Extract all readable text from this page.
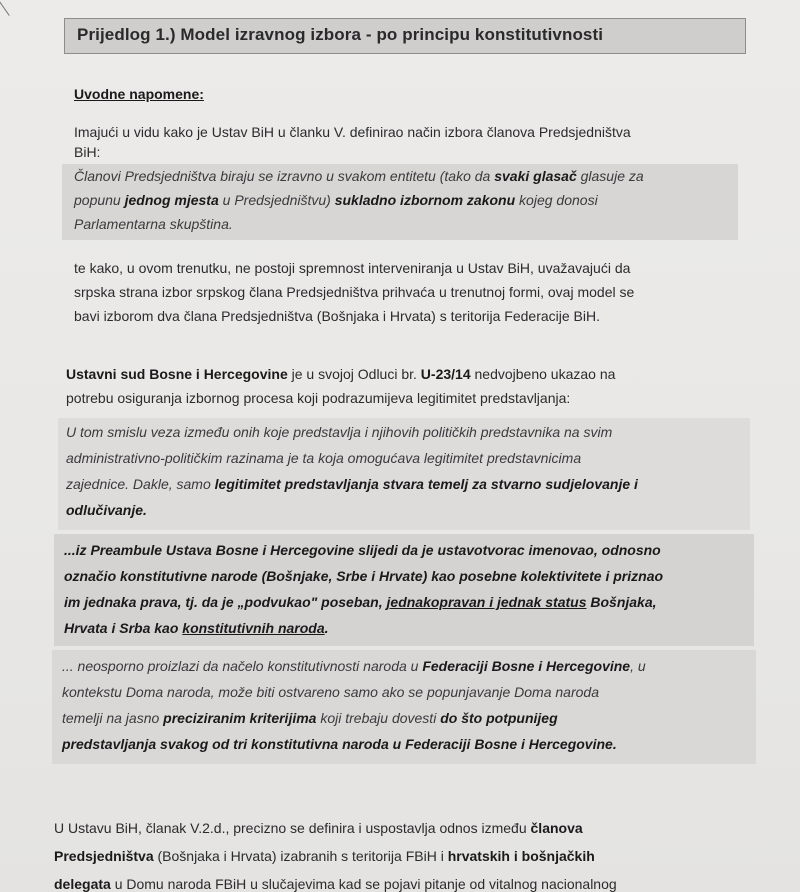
Prijedlog 1.) Model izravnog izbora - po principu konstitutivnosti
Uvodne napomene:
Imajući u vidu kako je Ustav BiH u članku V. definirao način izbora članova Predsjedništva
BiH:
Članovi Predsjedništva biraju se izravno u svakom entitetu (tako da svaki glasač glasuje za
popunu jednog mjesta u Predsjedništvu) sukladno izbornom zakonu kojeg donosi
Parlamentarna skupština.
te kako, u ovom trenutku, ne postoji spremnost interveniranja u Ustav BiH, uvažavajući da
srpska strana izbor srpskog člana Predsjedništva prihvaća u trenutnoj formi, ovaj model se
bavi izborom dva člana Predsjedništva (Bošnjaka i Hrvata) s teritorija Federacije BiH.
Ustavni sud Bosne i Hercegovine je u svojoj Odluci br. U-23/14 nedvojbeno ukazao na
potrebu osiguranja izbornog procesa koji podrazumijeva legitimitet predstavljanja:
U tom smislu veza između onih koje predstavlja i njihovih političkih predstavnika na svim
administrativno-političkim razinama je ta koja omogućava legitimitet predstavnicima
zajednice. Dakle, samo legitimitet predstavljanja stvara temelj za stvarno sudjelovanje i
odlučivanje.
...iz Preambule Ustava Bosne i Hercegovine slijedi da je ustavotvorac imenovao, odnosno
označio konstitutivne narode (Bošnjake, Srbe i Hrvate) kao posebne kolektivitete i priznao
im jednaka prava, tj. da je „podvukao" poseban, jednakopravan i jednak status Bošnjaka,
Hrvata i Srba kao konstitutivnih naroda.
... neosporno proizlazi da načelo konstitutivnosti naroda u Federaciji Bosne i Hercegovine, u
kontekstu Doma naroda, može biti ostvareno samo ako se popunjavanje Doma naroda
temelji na jasno preciziranim kriterijima koji trebaju dovesti do što potpunijeg
predstavljanja svakog od tri konstitutivna naroda u Federaciji Bosne i Hercegovine.
U Ustavu BiH, članak V.2.d., precizno se definira i uspostavlja odnos između članova
Predsjedništva (Bošnjaka i Hrvata) izabranih s teritorija FBiH i hrvatskih i bošnjačkih
delegata u Domu naroda FBiH u slučajevima kad se pojavi pitanje od vitalnog nacionalnog
